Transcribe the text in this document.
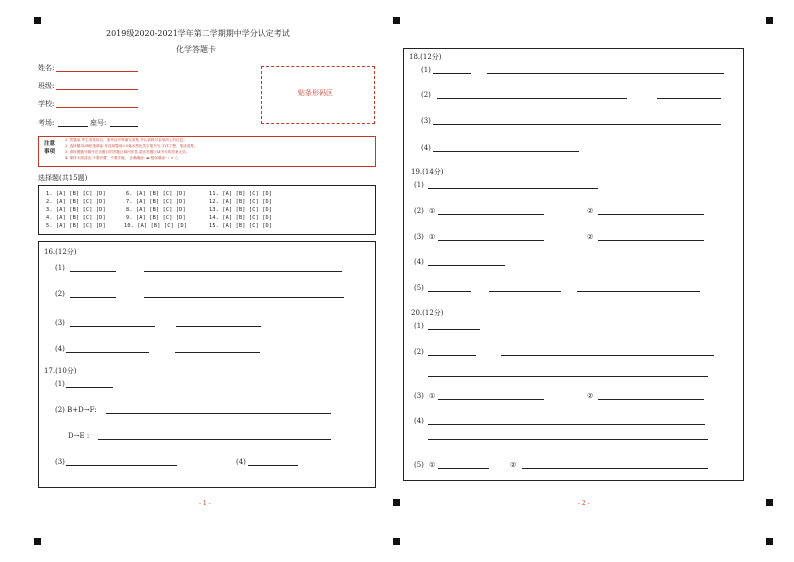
2019级2020-2021学年第二学期期中学分认定考试
化学答题卡
姓名:
班级:
学校:
考场:	座号:
贴条形码区
注意
事项
1. 答题前,考生须将姓名、准考证号等填写清楚,并认真核对条形码上的信息。
2. 选择题用2B铅笔填涂,非选择题用0.5毫米黑色签字笔书写,字体工整、笔迹清楚。
3. 请按照题号顺序在各题目的答题区域内作答,超出答题区域书写的答案无效。
4. 保持卡面清洁,不要折叠、不要弄破。 正确填涂: ▬ 错误填涂: ✓ ✕ ○
选择题(共15题)
1. [A] [B] [C] [D]	6. [A] [B] [C] [D]	11. [A] [B] [C] [D]
2. [A] [B] [C] [D]	7. [A] [B] [C] [D]	12. [A] [B] [C] [D]
3. [A] [B] [C] [D]	8. [A] [B] [C] [D]	13. [A] [B] [C] [D]
4. [A] [B] [C] [D]	9. [A] [B] [C] [D]	14. [A] [B] [C] [D]
5. [A] [B] [C] [D]	10. [A] [B] [C] [D]	15. [A] [B] [C] [D]
16.(12分)
(1)
(2)
(3)
(4)
17.(10分)
(1)
(2) B+D→F:
D→E :
(3)	(4)
- 1 -
18.(12分)
(1)
(2)
(3)
(4)
19.(14分)
(1)
(2) ①	②
(3) ①	②
(4)
(5)
20.(12分)
(1)
(2)
(3) ①	②
(4)
(5) ①	②
- 2 -
